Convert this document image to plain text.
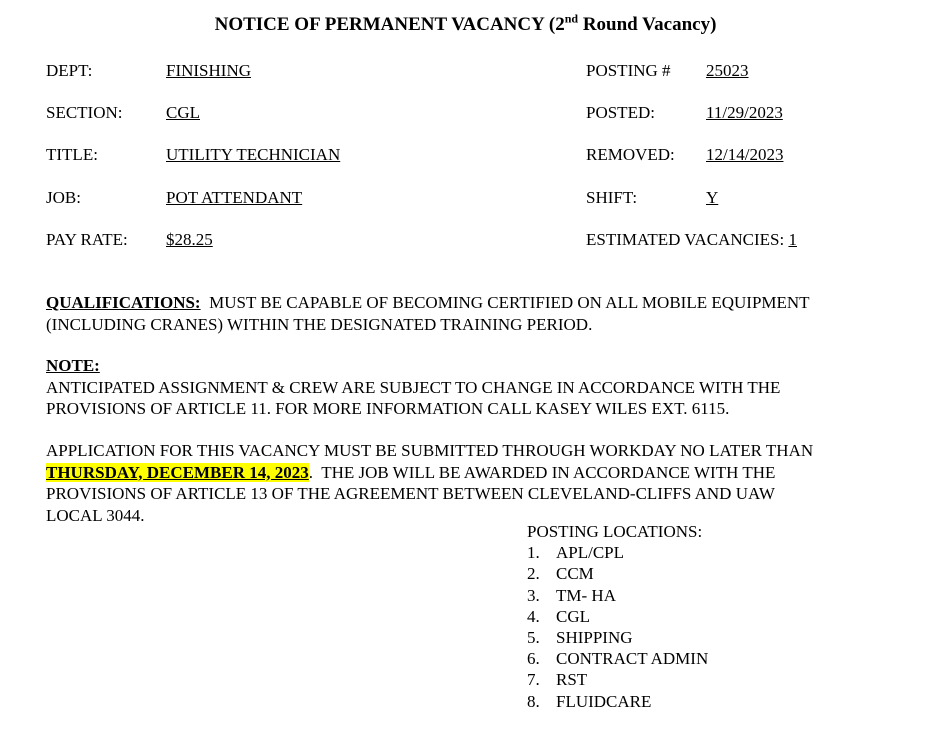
NOTICE OF PERMANENT VACANCY (2nd Round Vacancy)
DEPT:	FINISHING
SECTION:	CGL
TITLE:	UTILITY TECHNICIAN
JOB:	POT ATTENDANT
PAY RATE: $28.25
POSTING # 25023
POSTED:	11/29/2023
REMOVED: 12/14/2023
SHIFT:	Y
ESTIMATED VACANCIES: 1
QUALIFICATIONS: MUST BE CAPABLE OF BECOMING CERTIFIED ON ALL MOBILE EQUIPMENT
(INCLUDING CRANES) WITHIN THE DESIGNATED TRAINING PERIOD.
NOTE:
ANTICIPATED ASSIGNMENT & CREW ARE SUBJECT TO CHANGE IN ACCORDANCE WITH THE
PROVISIONS OF ARTICLE 11. FOR MORE INFORMATION CALL KASEY WILES EXT. 6115.
APPLICATION FOR THIS VACANCY MUST BE SUBMITTED THROUGH WORKDAY NO LATER THAN
THURSDAY, DECEMBER 14, 2023.  THE JOB WILL BE AWARDED IN ACCORDANCE WITH THE
PROVISIONS OF ARTICLE 13 OF THE AGREEMENT BETWEEN CLEVELAND-CLIFFS AND UAW
LOCAL 3044.
POSTING LOCATIONS:
1. APL/CPL
2. CCM
3. TM- HA
4. CGL
5. SHIPPING
6. CONTRACT ADMIN
7. RST
8. FLUIDCARE
